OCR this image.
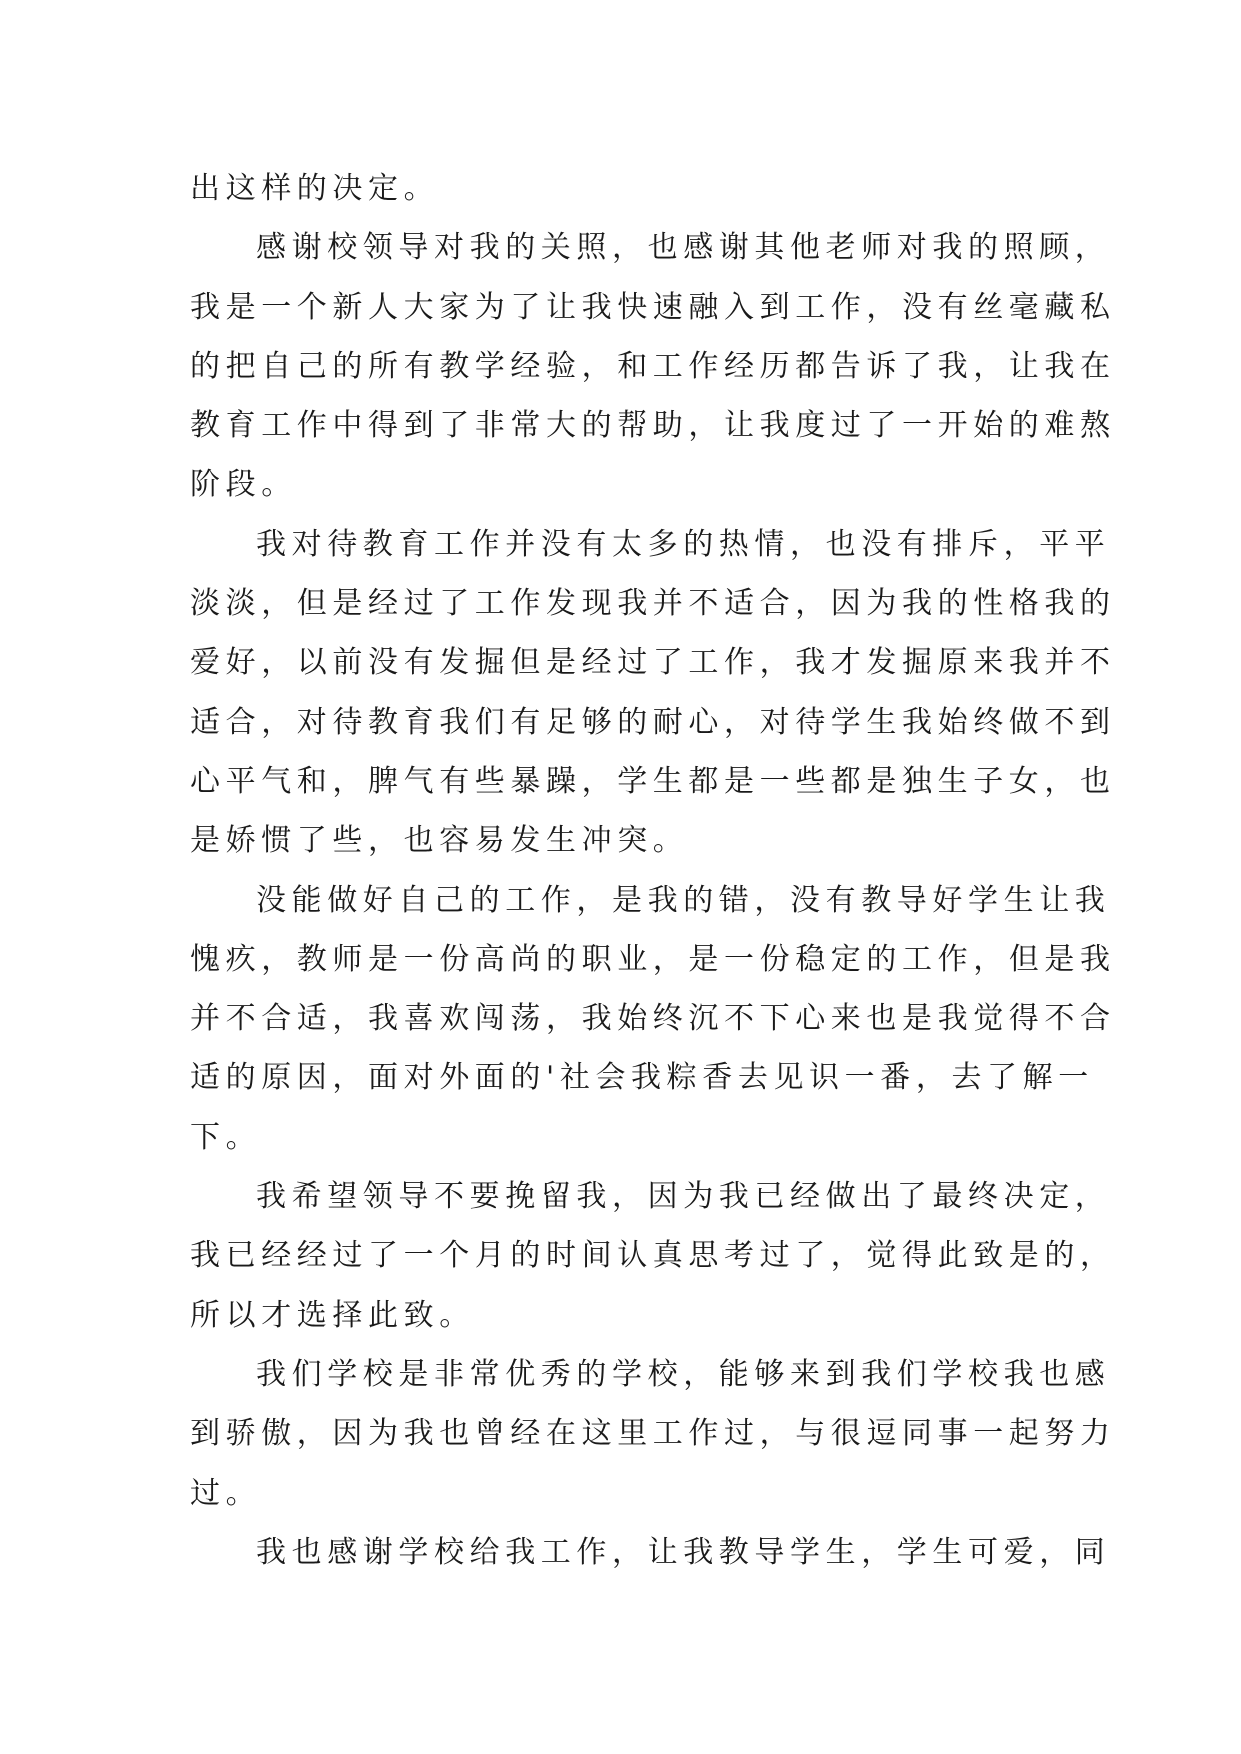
出这样的决定。
感谢校领导对我的关照，也感谢其他老师对我的照顾，
我是一个新人大家为了让我快速融入到工作，没有丝毫藏私
的把自己的所有教学经验，和工作经历都告诉了我，让我在
教育工作中得到了非常大的帮助，让我度过了一开始的难熬
阶段。
我对待教育工作并没有太多的热情，也没有排斥，平平
淡淡，但是经过了工作发现我并不适合，因为我的性格我的
爱好，以前没有发掘但是经过了工作，我才发掘原来我并不
适合，对待教育我们有足够的耐心，对待学生我始终做不到
心平气和，脾气有些暴躁，学生都是一些都是独生子女，也
是娇惯了些，也容易发生冲突。
没能做好自己的工作，是我的错，没有教导好学生让我
愧疚，教师是一份高尚的职业，是一份稳定的工作，但是我
并不合适，我喜欢闯荡，我始终沉不下心来也是我觉得不合
适的原因，面对外面的'社会我粽香去见识一番，去了解一
下。
我希望领导不要挽留我，因为我已经做出了最终决定，
我已经经过了一个月的时间认真思考过了，觉得此致是的，
所以才选择此致。
我们学校是非常优秀的学校，能够来到我们学校我也感
到骄傲，因为我也曾经在这里工作过，与很逗同事一起努力
过。
我也感谢学校给我工作，让我教导学生，学生可爱，同
